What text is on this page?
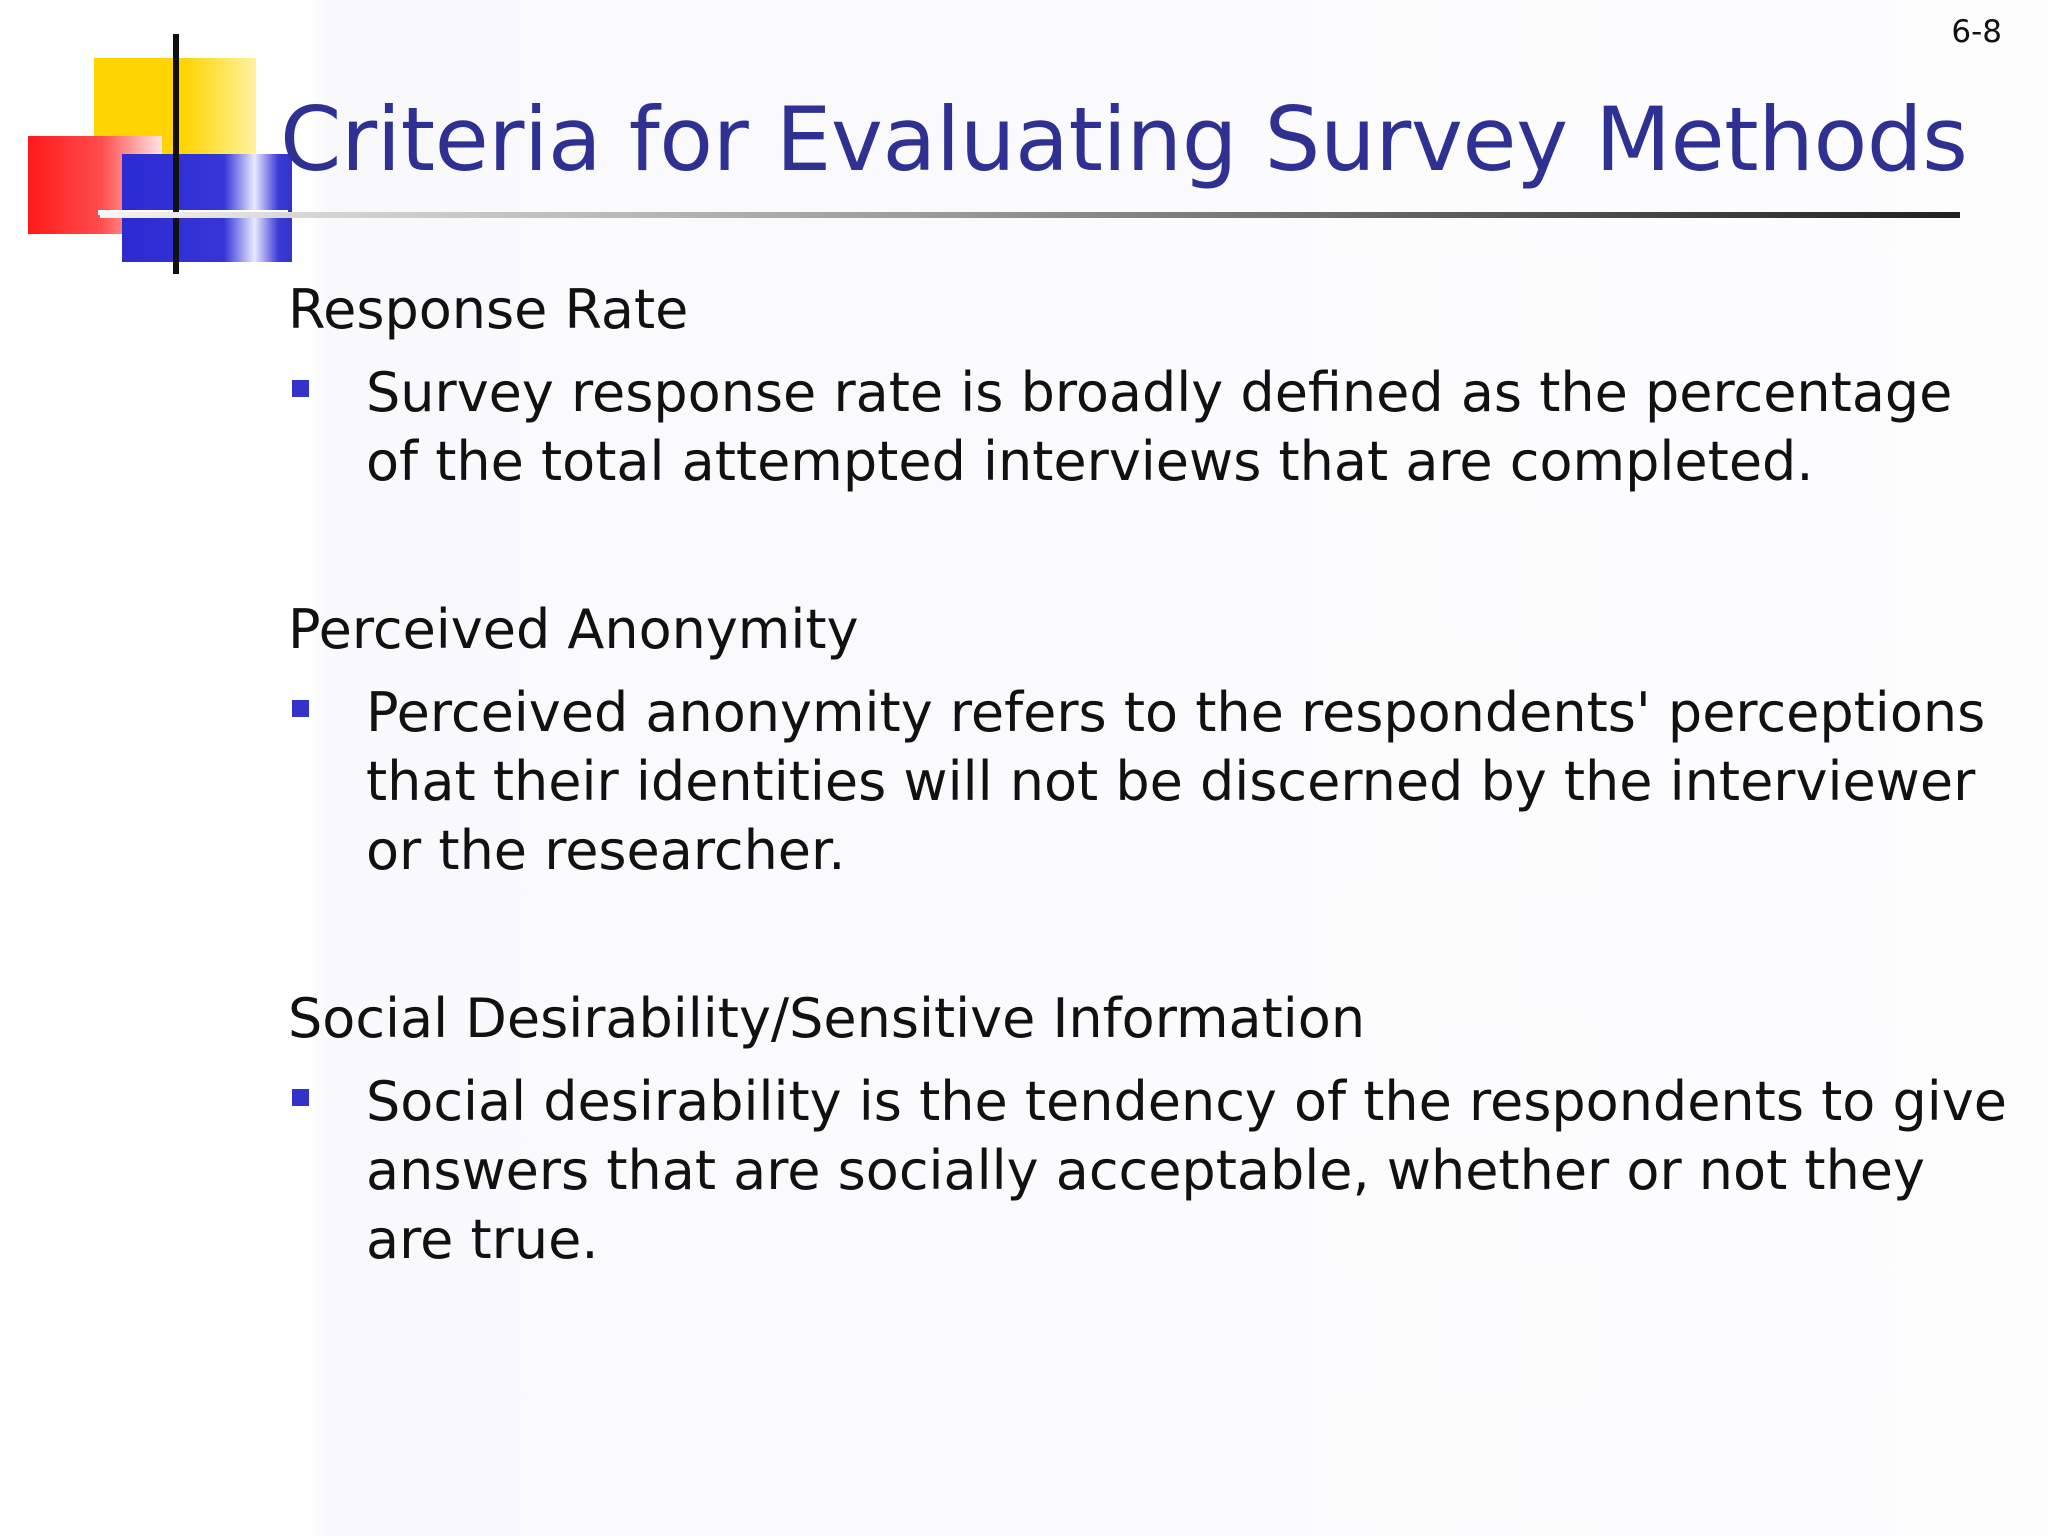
6-8
Criteria for Evaluating Survey Methods

Response Rate

Survey response rate is broadly defined as the percentage of the total attempted interviews that are completed.

Perceived Anonymity

Perceived anonymity refers to the respondents' perceptions that their identities will not be discerned by the interviewer or the researcher.

Social Desirability/Sensitive Information

Social desirability is the tendency of the respondents to give answers that are socially acceptable, whether or not they are true.
